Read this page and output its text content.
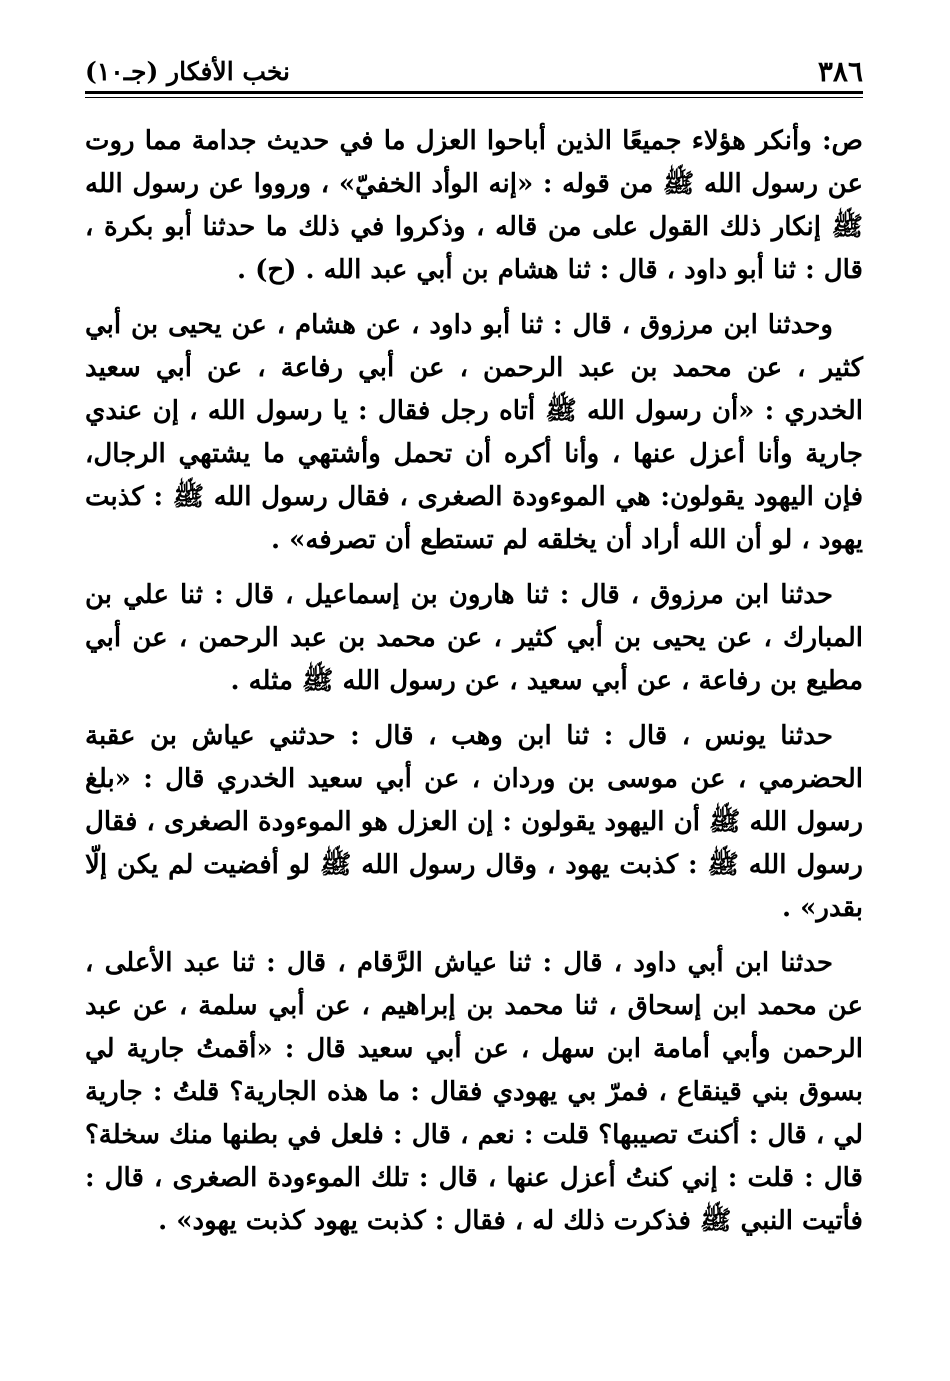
٣٨٦
نخب الأفكار (جـ١٠)

ص: وأنكر هؤلاء جميعًا الذين أباحوا العزل ما في حديث جدامة مما روت عن رسول الله ﷺ من قوله : «إنه الوأد الخفيّ» ، ورووا عن رسول الله ﷺ إنكار ذلك القول على من قاله ، وذكروا في ذلك ما حدثنا أبو بكرة ، قال : ثنا أبو داود ، قال : ثنا هشام بن أبي عبد الله . (ح) .

وحدثنا ابن مرزوق ، قال : ثنا أبو داود ، عن هشام ، عن يحيى بن أبي كثير ، عن محمد بن عبد الرحمن ، عن أبي رفاعة ، عن أبي سعيد الخدري : «أن رسول الله ﷺ أتاه رجل فقال : يا رسول الله ، إن عندي جارية وأنا أعزل عنها ، وأنا أكره أن تحمل وأشتهي ما يشتهي الرجال، فإن اليهود يقولون: هي الموءودة الصغرى ، فقال رسول الله ﷺ : كذبت يهود ، لو أن الله أراد أن يخلقه لم تستطع أن تصرفه» .

حدثنا ابن مرزوق ، قال : ثنا هارون بن إسماعيل ، قال : ثنا علي بن المبارك ، عن يحيى بن أبي كثير ، عن محمد بن عبد الرحمن ، عن أبي مطيع بن رفاعة ، عن أبي سعيد ، عن رسول الله ﷺ مثله .

حدثنا يونس ، قال : ثنا ابن وهب ، قال : حدثني عياش بن عقبة الحضرمي ، عن موسى بن وردان ، عن أبي سعيد الخدري قال : «بلغ رسول الله ﷺ أن اليهود يقولون : إن العزل هو الموءودة الصغرى ، فقال رسول الله ﷺ : كذبت يهود ، وقال رسول الله ﷺ لو أفضيت لم يكن إلّا بقدر» .

حدثنا ابن أبي داود ، قال : ثنا عياش الرَّقام ، قال : ثنا عبد الأعلى ، عن محمد ابن إسحاق ، ثنا محمد بن إبراهيم ، عن أبي سلمة ، عن عبد الرحمن وأبي أمامة ابن سهل ، عن أبي سعيد قال : «أقمتُ جارية لي بسوق بني قينقاع ، فمرّ بي يهودي فقال : ما هذه الجارية؟ قلتُ : جارية لي ، قال : أكنتَ تصيبها؟ قلت : نعم ، قال : فلعل في بطنها منك سخلة؟ قال : قلت : إني كنتُ أعزل عنها ، قال : تلك الموءودة الصغرى ، قال : فأتيت النبي ﷺ فذكرت ذلك له ، فقال : كذبت يهود كذبت يهود» .
